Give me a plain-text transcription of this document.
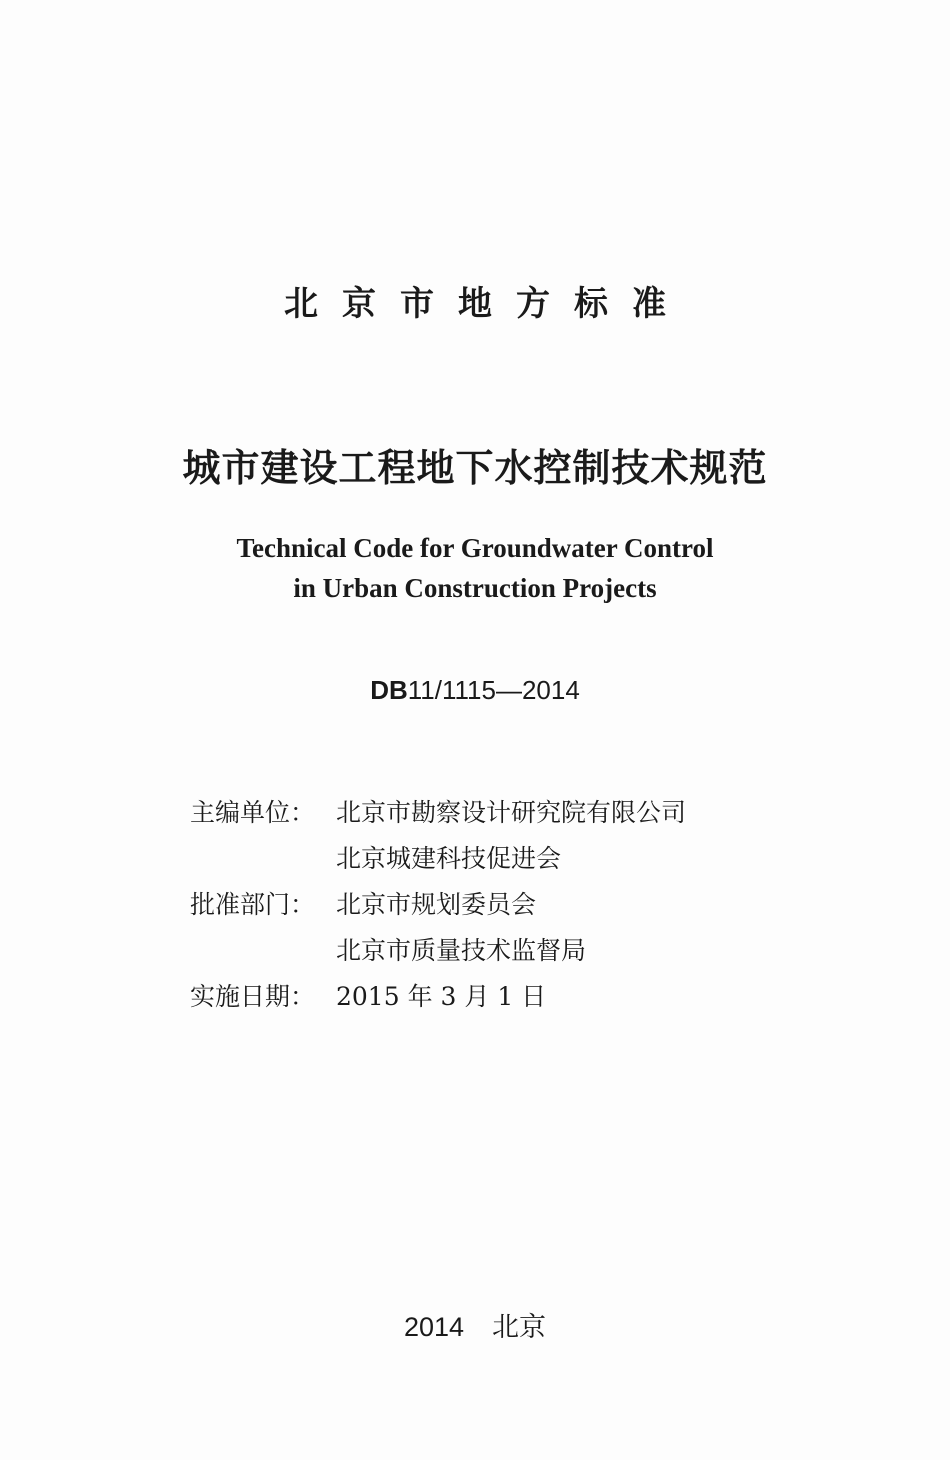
北京市地方标准
城市建设工程地下水控制技术规范
Technical Code for Groundwater Control
in Urban Construction Projects
DB11/1115—2014
主编单位： 北京市勘察设计研究院有限公司
北京城建科技促进会
批准部门： 北京市规划委员会
北京市质量技术监督局
实施日期： 2015 年 3 月 1 日
2014 北京
